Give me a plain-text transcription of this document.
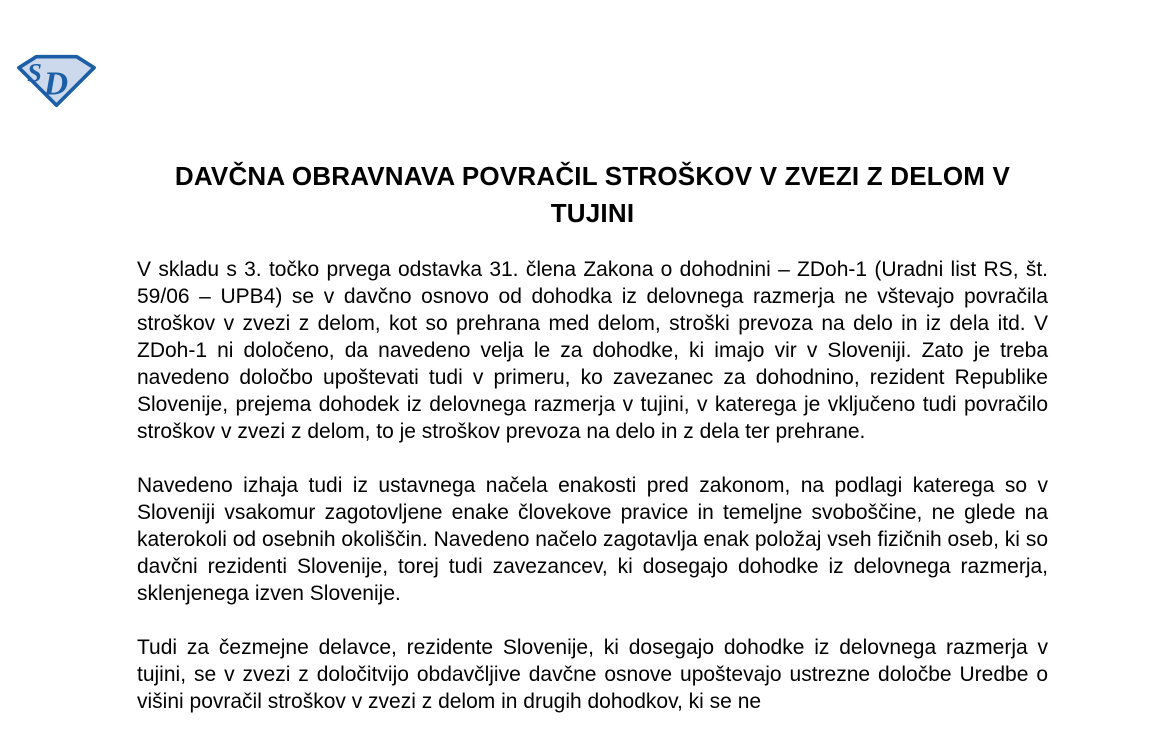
S D
DAVČNA OBRAVNAVA POVRAČIL STROŠKOV V ZVEZI Z DELOM V TUJINI

V skladu s 3. točko prvega odstavka 31. člena Zakona o dohodnini – ZDoh-1 (Uradni list RS, št. 59/06 – UPB4) se v davčno osnovo od dohodka iz delovnega razmerja ne vštevajo povračila stroškov v zvezi z delom, kot so prehrana med delom, stroški prevoza na delo in iz dela itd. V ZDoh-1 ni določeno, da navedeno velja le za dohodke, ki imajo vir v Sloveniji. Zato je treba navedeno določbo upoštevati tudi v primeru, ko zavezanec za dohodnino, rezident Republike Slovenije, prejema dohodek iz delovnega razmerja v tujini, v katerega je vključeno tudi povračilo stroškov v zvezi z delom, to je stroškov prevoza na delo in z dela ter prehrane.

Navedeno izhaja tudi iz ustavnega načela enakosti pred zakonom, na podlagi katerega so v Sloveniji vsakomur zagotovljene enake človekove pravice in temeljne svoboščine, ne glede na katerokoli od osebnih okoliščin. Navedeno načelo zagotavlja enak položaj vseh fizičnih oseb, ki so davčni rezidenti Slovenije, torej tudi zavezancev, ki dosegajo dohodke iz delovnega razmerja, sklenjenega izven Slovenije.

Tudi za čezmejne delavce, rezidente Slovenije, ki dosegajo dohodke iz delovnega razmerja v tujini, se v zvezi z določitvijo obdavčljive davčne osnove upoštevajo ustrezne določbe Uredbe o višini povračil stroškov v zvezi z delom in drugih dohodkov, ki se ne
